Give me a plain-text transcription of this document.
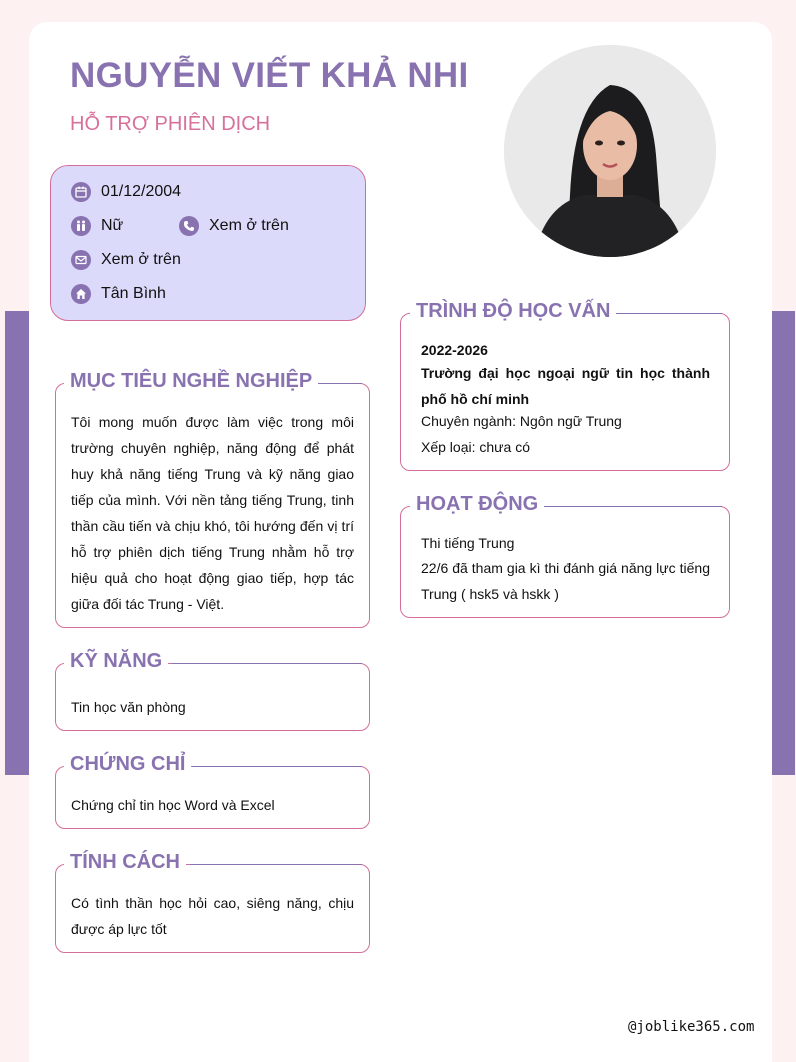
NGUYỄN VIẾT KHẢ NHI
HỖ TRỢ PHIÊN DỊCH
01/12/2004
Nữ	Xem ở trên
Xem ở trên
Tân Bình
TRÌNH ĐỘ HỌC VẤN
2022-2026
Trường đại học ngoại ngữ tin học thành phố hồ chí minh
Chuyên ngành: Ngôn ngữ Trung
Xếp loại: chưa có
HOẠT ĐỘNG
Thi tiếng Trung
22/6 đã tham gia kì thi đánh giá năng lực tiếng Trung ( hsk5 và hskk )
MỤC TIÊU NGHỀ NGHIỆP
Tôi mong muốn được làm việc trong môi trường chuyên nghiệp, năng động để phát huy khả năng tiếng Trung và kỹ năng giao tiếp của mình. Với nền tảng tiếng Trung, tinh thần cầu tiến và chịu khó, tôi hướng đến vị trí hỗ trợ phiên dịch tiếng Trung nhằm hỗ trợ hiệu quả cho hoạt động giao tiếp, hợp tác giữa đối tác Trung - Việt.
KỸ NĂNG
Tin học văn phòng
CHỨNG CHỈ
Chứng chỉ tin học Word và Excel
TÍNH CÁCH
Có tình thần học hỏi cao, siêng năng, chịu được áp lực tốt
@joblike365.com
